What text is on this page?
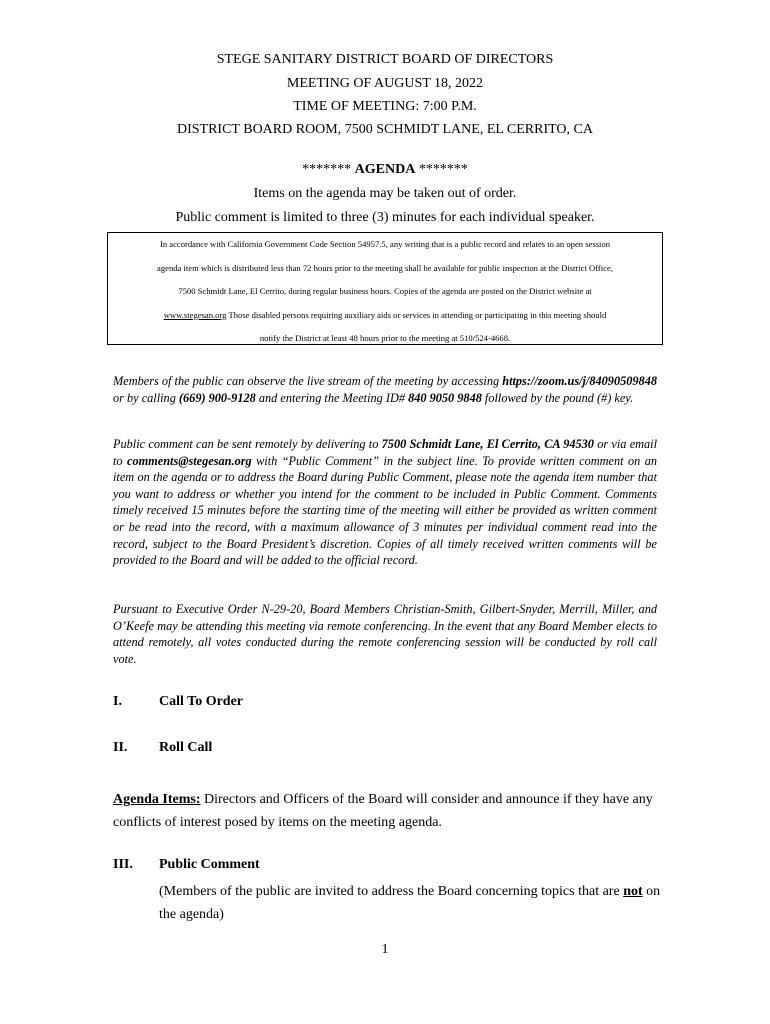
STEGE SANITARY DISTRICT BOARD OF DIRECTORS
MEETING OF AUGUST 18, 2022
TIME OF MEETING: 7:00 P.M.
DISTRICT BOARD ROOM, 7500 SCHMIDT LANE, EL CERRITO, CA
******* AGENDA *******
Items on the agenda may be taken out of order.
Public comment is limited to three (3) minutes for each individual speaker.
In accordance with California Government Code Section 54957.5, any writing that is a public record and relates to an open session
agenda item which is distributed less than 72 hours prior to the meeting shall be available for public inspection at the District Office,
7500 Schmidt Lane, El Cerrito, during regular business hours. Copies of the agenda are posted on the District website at
www.stegesan.org Those disabled persons requiring auxiliary aids or services in attending or participating in this meeting should
notify the District at least 48 hours prior to the meeting at 510/524-4668.
Members of the public can observe the live stream of the meeting by accessing https://zoom.us/j/84090509848 or by calling (669) 900-9128 and entering the Meeting ID# 840 9050 9848 followed by the pound (#) key.
Public comment can be sent remotely by delivering to 7500 Schmidt Lane, El Cerrito, CA 94530 or via email to comments@stegesan.org with “Public Comment” in the subject line. To provide written comment on an item on the agenda or to address the Board during Public Comment, please note the agenda item number that you want to address or whether you intend for the comment to be included in Public Comment. Comments timely received 15 minutes before the starting time of the meeting will either be provided as written comment or be read into the record, with a maximum allowance of 3 minutes per individual comment read into the record, subject to the Board President’s discretion. Copies of all timely received written comments will be provided to the Board and will be added to the official record.
Pursuant to Executive Order N-29-20, Board Members Christian-Smith, Gilbert-Snyder, Merrill, Miller, and O’Keefe may be attending this meeting via remote conferencing. In the event that any Board Member elects to attend remotely, all votes conducted during the remote conferencing session will be conducted by roll call vote.
I.	Call To Order
II. Roll Call
Agenda Items: Directors and Officers of the Board will consider and announce if they have any conflicts of interest posed by items on the meeting agenda.
III. Public Comment
(Members of the public are invited to address the Board concerning topics that are not on the agenda)
1
